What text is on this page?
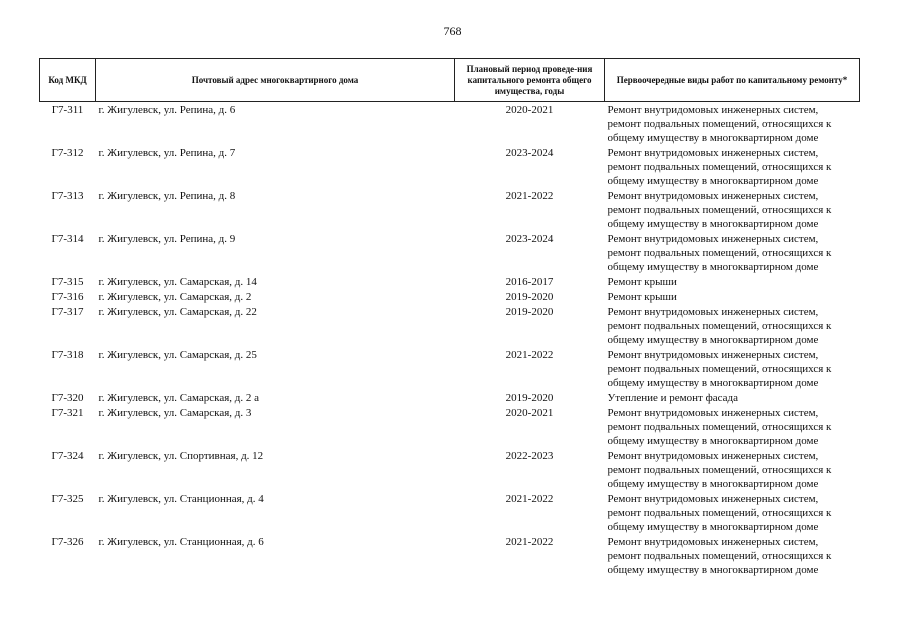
768
Код МКД	Почтовый адрес многоквартирного дома	Плановый период проведе-ния капитального ремонта общего имущества, годы	Первоочередные виды работ по капитальному ремонту*
Г7-311	г. Жигулевск, ул. Репина, д. 6	2020-2021	Ремонт внутридомовых инженерных систем,
ремонт подвальных помещений, относящихся к
общему имуществу в многоквартирном доме

Г7-312	г. Жигулевск, ул. Репина, д. 7	2023-2024	Ремонт внутридомовых инженерных систем,
ремонт подвальных помещений, относящихся к
общему имуществу в многоквартирном доме

Г7-313	г. Жигулевск, ул. Репина, д. 8	2021-2022	Ремонт внутридомовых инженерных систем,
ремонт подвальных помещений, относящихся к
общему имуществу в многоквартирном доме

Г7-314	г. Жигулевск, ул. Репина, д. 9	2023-2024	Ремонт внутридомовых инженерных систем,
ремонт подвальных помещений, относящихся к
общему имуществу в многоквартирном доме

Г7-315	г. Жигулевск, ул. Самарская, д. 14	2016-2017	Ремонт крыши

Г7-316	г. Жигулевск, ул. Самарская, д. 2	2019-2020	Ремонт крыши

Г7-317	г. Жигулевск, ул. Самарская, д. 22	2019-2020	Ремонт внутридомовых инженерных систем,
ремонт подвальных помещений, относящихся к
общему имуществу в многоквартирном доме

Г7-318	г. Жигулевск, ул. Самарская, д. 25	2021-2022	Ремонт внутридомовых инженерных систем,
ремонт подвальных помещений, относящихся к
общему имуществу в многоквартирном доме

Г7-320	г. Жигулевск, ул. Самарская, д. 2 а	2019-2020	Утепление и ремонт фасада

Г7-321	г. Жигулевск, ул. Самарская, д. 3	2020-2021	Ремонт внутридомовых инженерных систем,
ремонт подвальных помещений, относящихся к
общему имуществу в многоквартирном доме

Г7-324	г. Жигулевск, ул. Спортивная, д. 12	2022-2023	Ремонт внутридомовых инженерных систем,
ремонт подвальных помещений, относящихся к
общему имуществу в многоквартирном доме

Г7-325	г. Жигулевск, ул. Станционная, д. 4	2021-2022	Ремонт внутридомовых инженерных систем,
ремонт подвальных помещений, относящихся к
общему имуществу в многоквартирном доме

Г7-326	г. Жигулевск, ул. Станционная, д. 6	2021-2022	Ремонт внутридомовых инженерных систем,
ремонт подвальных помещений, относящихся к
общему имуществу в многоквартирном доме
